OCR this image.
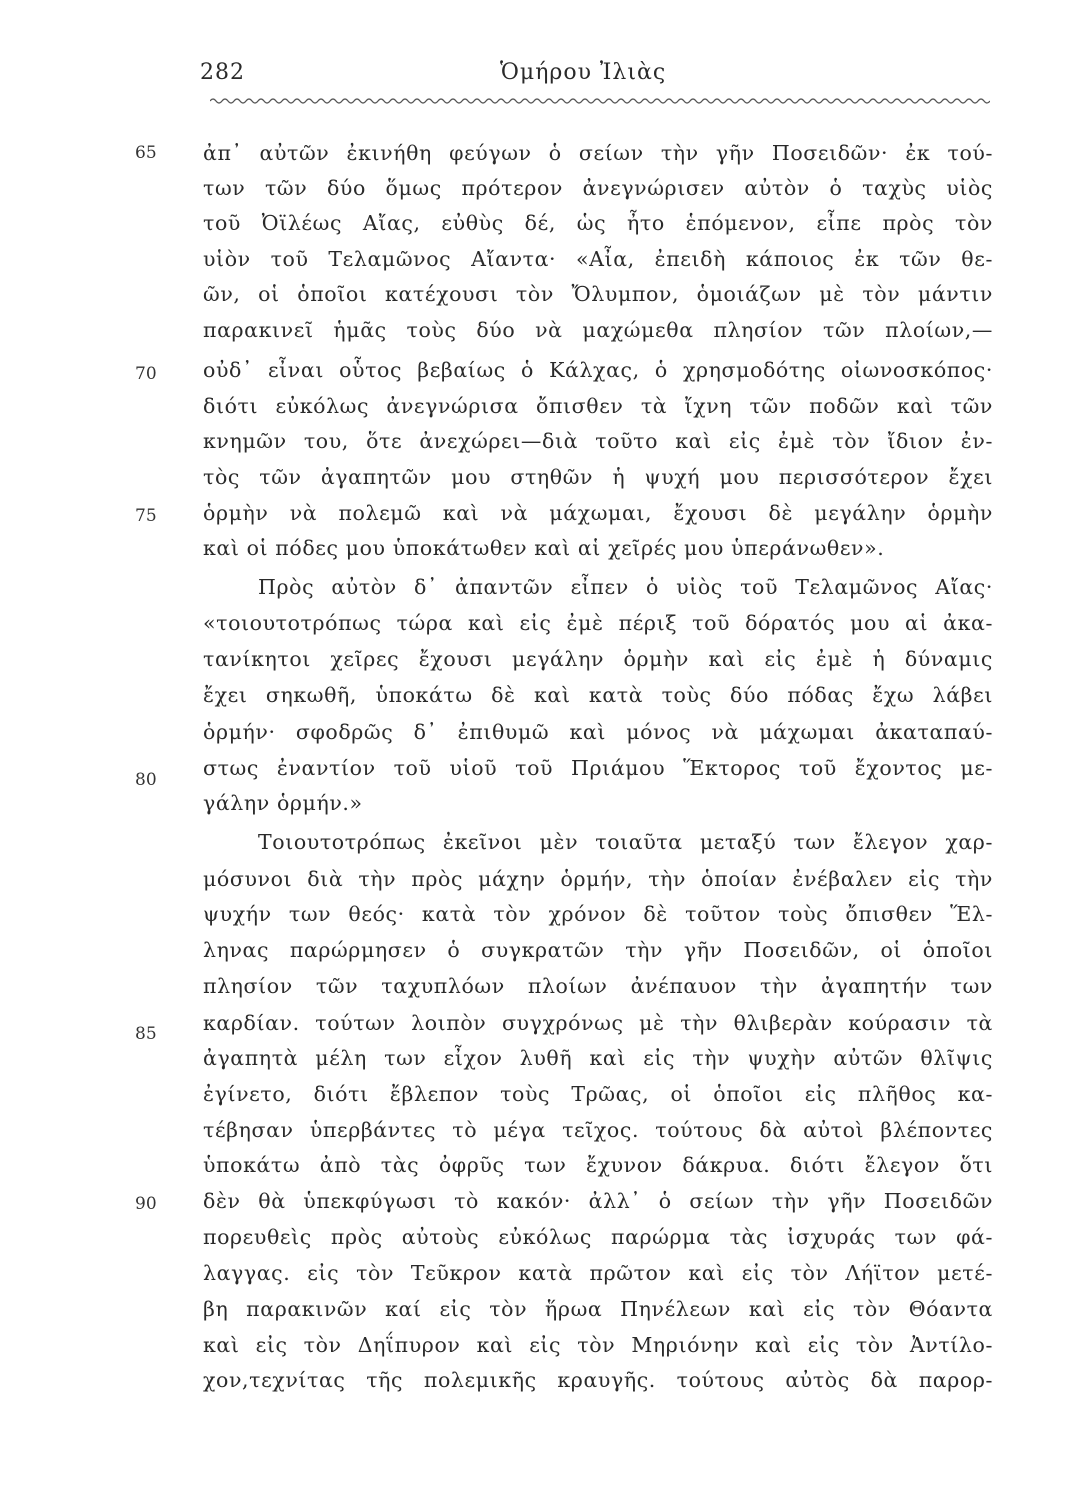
282	Ὁμήρου Ἰλιὰς
65
70
75
80
85
90
ἀπ᾽ αὐτῶν ἐκινήθη φεύγων ὁ σείων τὴν γῆν Ποσειδῶν· ἐκ τού-
των τῶν δύο ὅμως πρότερον ἀνεγνώρισεν αὐτὸν ὁ ταχὺς υἱὸς
τοῦ Ὀϊλέως Αἴας, εὐθὺς δέ, ὡς ἦτο ἑπόμενον, εἶπε πρὸς τὸν
υἱὸν τοῦ Τελαμῶνος Αἴαντα· «Αἶα, ἐπειδὴ κάποιος ἐκ τῶν θε-
ῶν, οἱ ὁποῖοι κατέχουσι τὸν Ὄλυμπον, ὁμοιάζων μὲ τὸν μάντιν
παρακινεῖ ἡμᾶς τοὺς δύο νὰ μαχώμεθα πλησίον τῶν πλοίων,—
οὐδ᾽ εἶναι οὗτος βεβαίως ὁ Κάλχας, ὁ χρησμοδότης οἰωνοσκόπος·
διότι εὐκόλως ἀνεγνώρισα ὄπισθεν τὰ ἴχνη τῶν ποδῶν καὶ τῶν
κνημῶν του, ὅτε ἀνεχώρει—διὰ τοῦτο καὶ εἰς ἐμὲ τὸν ἴδιον ἐν-
τὸς τῶν ἀγαπητῶν μου στηθῶν ἡ ψυχή μου περισσότερον ἔχει
ὁρμὴν νὰ πολεμῶ καὶ νὰ μάχωμαι, ἔχουσι δὲ μεγάλην ὁρμὴν
καὶ οἱ πόδες μου ὑποκάτωθεν καὶ αἱ χεῖρές μου ὑπεράνωθεν».
Πρὸς αὐτὸν δ᾽ ἀπαντῶν εἶπεν ὁ υἱὸς τοῦ Τελαμῶνος Αἴας·
«τοιουτοτρόπως τώρα καὶ εἰς ἐμὲ πέριξ τοῦ δόρατός μου αἱ ἀκα-
τανίκητοι χεῖρες ἔχουσι μεγάλην ὁρμὴν καὶ εἰς ἐμὲ ἡ δύναμις
ἔχει σηκωθῆ, ὑποκάτω δὲ καὶ κατὰ τοὺς δύο πόδας ἔχω λάβει
ὁρμήν· σφοδρῶς δ᾽ ἐπιθυμῶ καὶ μόνος νὰ μάχωμαι ἀκαταπαύ-
στως ἐναντίον τοῦ υἱοῦ τοῦ Πριάμου Ἕκτορος τοῦ ἔχοντος με-
γάλην ὁρμήν.»
Τοιουτοτρόπως ἐκεῖνοι μὲν τοιαῦτα μεταξύ των ἔλεγον χαρ-
μόσυνοι διὰ τὴν πρὸς μάχην ὁρμήν, τὴν ὁποίαν ἐνέβαλεν εἰς τὴν
ψυχήν των θεός· κατὰ τὸν χρόνον δὲ τοῦτον τοὺς ὄπισθεν Ἕλ-
ληνας παρώρμησεν ὁ συγκρατῶν τὴν γῆν Ποσειδῶν, οἱ ὁποῖοι
πλησίον τῶν ταχυπλόων πλοίων ἀνέπαυον τὴν ἀγαπητήν των
καρδίαν. τούτων λοιπὸν συγχρόνως μὲ τὴν θλιβερὰν κούρασιν τὰ
ἀγαπητὰ μέλη των εἶχον λυθῆ καὶ εἰς τὴν ψυχὴν αὐτῶν θλῖψις
ἐγίνετο, διότι ἔβλεπον τοὺς Τρῶας, οἱ ὁποῖοι εἰς πλῆθος κα-
τέβησαν ὑπερβάντες τὸ μέγα τεῖχος. τούτους δὰ αὐτοὶ βλέποντες
ὑποκάτω ἀπὸ τὰς ὀφρῦς των ἔχυνον δάκρυα. διότι ἔλεγον ὅτι
δὲν θὰ ὑπεκφύγωσι τὸ κακόν· ἀλλ᾽ ὁ σείων τὴν γῆν Ποσειδῶν
πορευθεὶς πρὸς αὐτοὺς εὐκόλως παρώρμα τὰς ἰσχυράς των φά-
λαγγας. εἰς τὸν Τεῦκρον κατὰ πρῶτον καὶ εἰς τὸν Λήϊτον μετέ-
βη παρακινῶν καί εἰς τὸν ἥρωα Πηνέλεων καὶ εἰς τὸν Θόαντα
καὶ εἰς τὸν Δηΐπυρον καὶ εἰς τὸν Μηριόνην καὶ εἰς τὸν Ἀντίλο-
χον,τεχνίτας τῆς πολεμικῆς κραυγῆς. τούτους αὐτὸς δὰ παρορ-
